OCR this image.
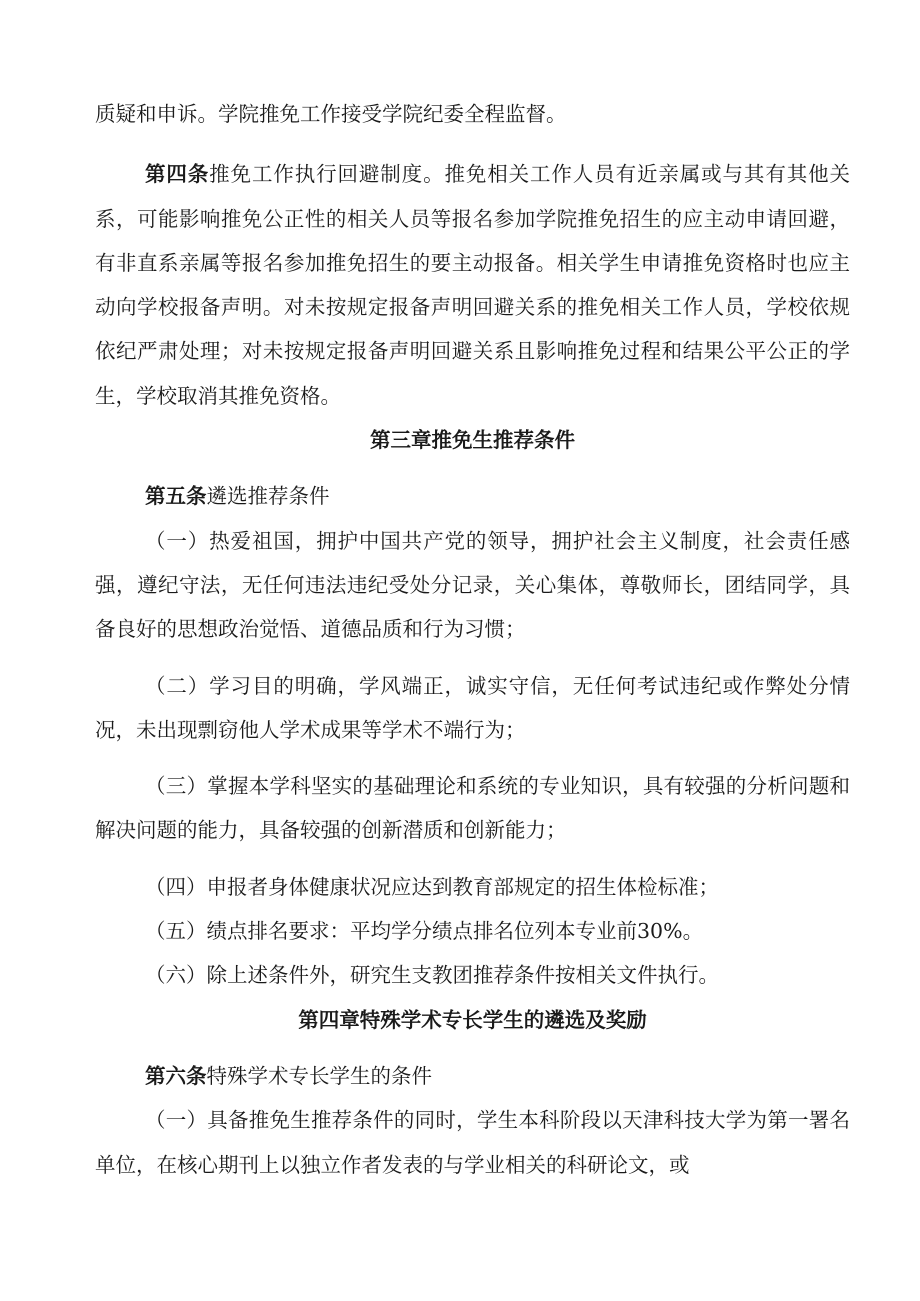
质疑和申诉。学院推免工作接受学院纪委全程监督。

第四条推免工作执行回避制度。推免相关工作人员有近亲属或与其有其他关系，可能影响推免公正性的相关人员等报名参加学院推免招生的应主动申请回避，有非直系亲属等报名参加推免招生的要主动报备。相关学生申请推免资格时也应主动向学校报备声明。对未按规定报备声明回避关系的推免相关工作人员，学校依规依纪严肃处理；对未按规定报备声明回避关系且影响推免过程和结果公平公正的学生，学校取消其推免资格。

第三章推免生推荐条件

第五条遴选推荐条件

（一）热爱祖国，拥护中国共产党的领导，拥护社会主义制度，社会责任感强，遵纪守法，无任何违法违纪受处分记录，关心集体，尊敬师长，团结同学，具备良好的思想政治觉悟、道德品质和行为习惯；

（二）学习目的明确，学风端正，诚实守信，无任何考试违纪或作弊处分情况，未出现剽窃他人学术成果等学术不端行为；

（三）掌握本学科坚实的基础理论和系统的专业知识，具有较强的分析问题和解决问题的能力，具备较强的创新潜质和创新能力；

（四）申报者身体健康状况应达到教育部规定的招生体检标准；

（五）绩点排名要求：平均学分绩点排名位列本专业前30%。

（六）除上述条件外，研究生支教团推荐条件按相关文件执行。

第四章特殊学术专长学生的遴选及奖励

第六条特殊学术专长学生的条件

（一）具备推免生推荐条件的同时，学生本科阶段以天津科技大学为第一署名单位，在核心期刊上以独立作者发表的与学业相关的科研论文，或
